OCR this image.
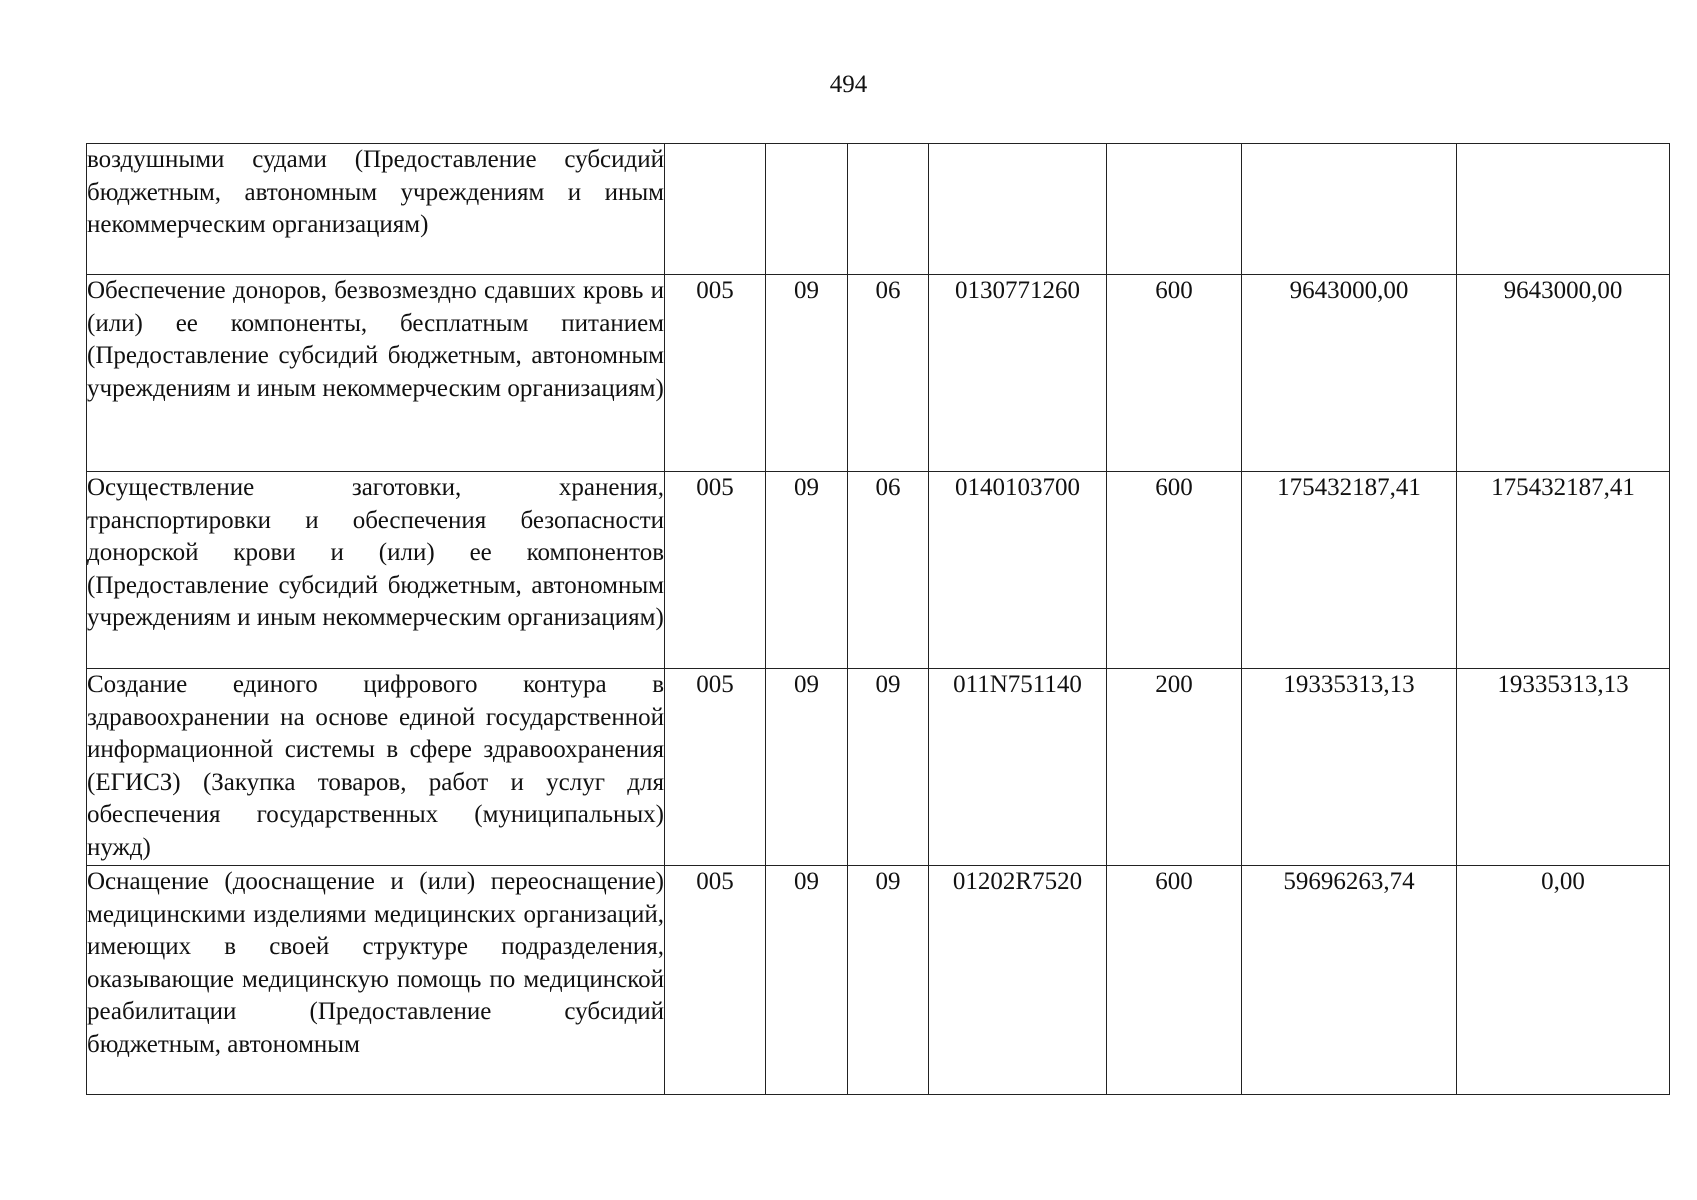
494
воздушными судами (Предоставление субсидий бюджетным, автономным учреждениям и иным некоммерческим организациям)							
Обеспечение доноров, безвозмездно сдавших кровь и (или) ее компоненты, бесплатным питанием (Предоставление субсидий бюджетным, автономным учреждениям и иным некоммерческим организациям)	005	09	06	0130771260	600	9643000,00	9643000,00
Осуществление заготовки, хранения, транспортировки и обеспечения безопасности донорской крови и (или) ее компонентов (Предоставление субсидий бюджетным, автономным учреждениям и иным некоммерческим организациям)	005	09	06	0140103700	600	175432187,41	175432187,41
Создание единого цифрового контура в здравоохранении на основе единой государственной информационной системы в сфере здравоохранения (ЕГИСЗ) (Закупка товаров, работ и услуг для обеспечения государственных (муниципальных) нужд)	005	09	09	011N751140	200	19335313,13	19335313,13
Оснащение (дооснащение и (или) переоснащение) медицинскими изделиями медицинских организаций, имеющих в своей структуре подразделения, оказывающие медицинскую помощь по медицинской реабилитации (Предоставление субсидий бюджетным, автономным	005	09	09	01202R7520	600	59696263,74	0,00
